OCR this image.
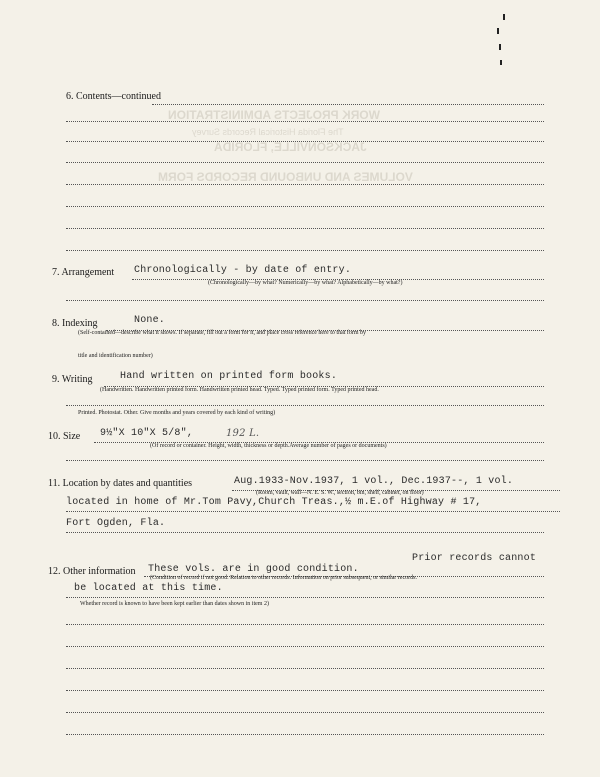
WORK PROJECTS ADMINISTRATION
The Florida Historical Records Survey
JACKSONVILLE, FLORIDA
VOLUMES AND UNBOUND RECORDS FORM
6. Contents—continued
7. Arrangement Chronologically - by date of entry.
(Chronologically—by what? Numerically—by what? Alphabetically—by what?)
8. Indexing	None.
(Self-contained—describe what it shows. If separate, fill out a form for it, and place cross reference here to that form by
title and identification number)
9. Writing	Hand written on printed form books.
(Handwritten. Handwritten printed form. Handwritten printed head. Typed. Typed printed form. Typed printed head.
Printed. Photostat. Other. Give months and years covered by each kind of writing)
10. Size 9½"X 10"X 5/8",	192 L.
(Of record or container. Height, width, thickness or depth.Average number of pages or documents)
11. Location by dates and quantities	Aug.1933-Nov.1937, 1 vol., Dec.1937--, 1 vol.
(Room, vault, wall—N. E. S. W., section, bin, shelf, cabinet, on floor)
located in home of Mr.Tom Pavy,Church Treas.,½ m.E.of Highway # 17,
Fort Ogden, Fla.
12. Other information These vols. are in good condition.
Prior records cannot
(Condition of record if not good. Relation to other records. Information on prior subsequent, or similar records.
be located at this time.
Whether record is known to have been kept earlier than dates shown in item 2)
